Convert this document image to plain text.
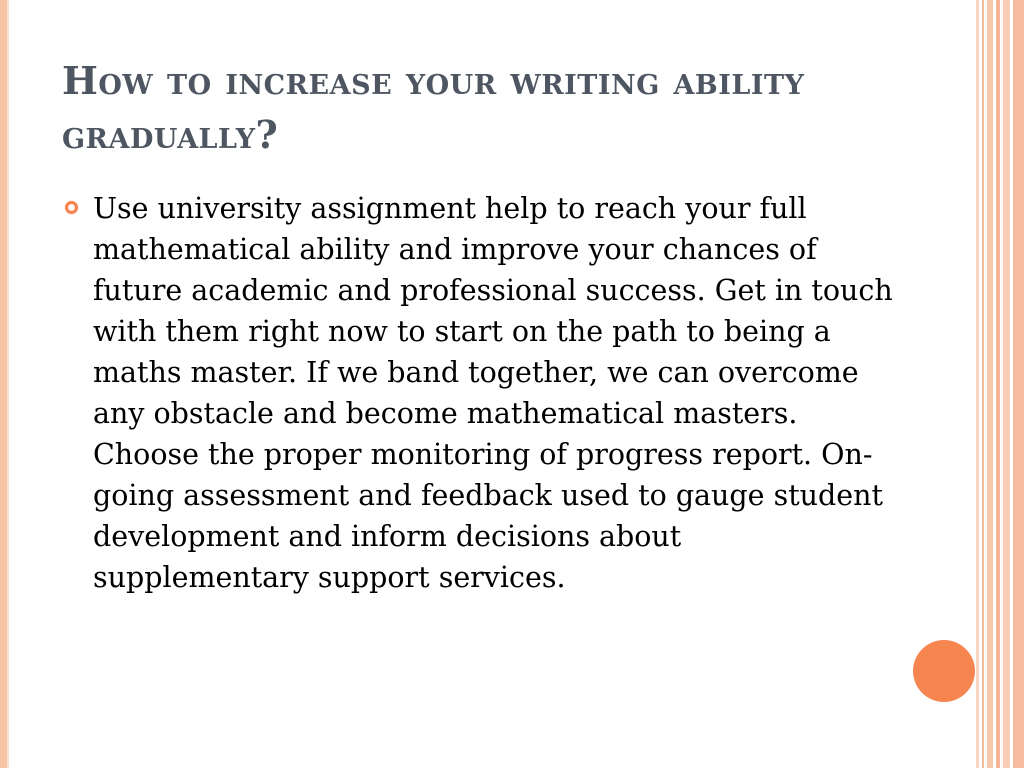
How to increase your writing ability gradually?

Use university assignment help to reach your full mathematical ability and improve your chances of future academic and professional success. Get in touch with them right now to start on the path to being a maths master. If we band together, we can overcome any obstacle and become mathematical masters. Choose the proper monitoring of progress report. On-going assessment and feedback used to gauge student development and inform decisions about supplementary support services.
